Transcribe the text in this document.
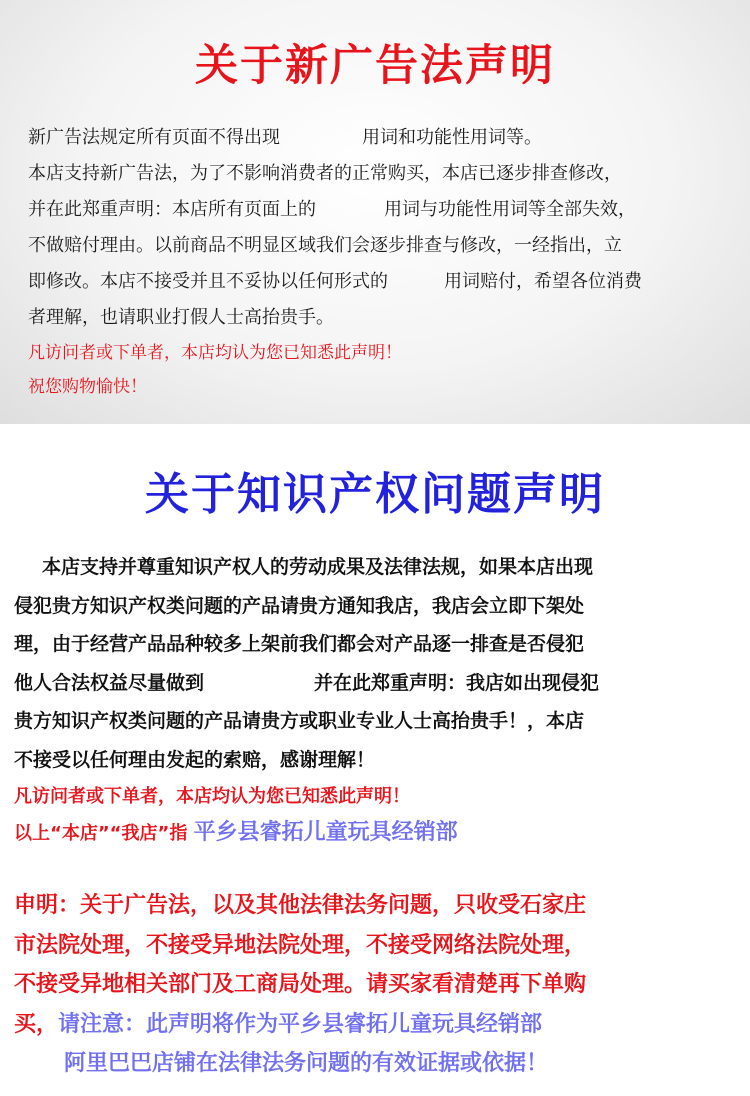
关于新广告法声明
新广告法规定所有页面不得出现	用词和功能性用词等。
本店支持新广告法，为了不影响消费者的正常购买，本店已逐步排查修改，
并在此郑重声明：本店所有页面上的	用词与功能性用词等全部失效，
不做赔付理由。以前商品不明显区域我们会逐步排查与修改，一经指出，立
即修改。本店不接受并且不妥协以任何形式的	用词赔付，希望各位消费
者理解，也请职业打假人士高抬贵手。
凡访问者或下单者，本店均认为您已知悉此声明！
祝您购物愉快！
关于知识产权问题声明
本店支持并尊重知识产权人的劳动成果及法律法规，如果本店出现
侵犯贵方知识产权类问题的产品请贵方通知我店，我店会立即下架处
理，由于经营产品品种较多上架前我们都会对产品逐一排查是否侵犯
他人合法权益尽量做到	并在此郑重声明：我店如出现侵犯
贵方知识产权类问题的产品请贵方或职业专业人士高抬贵手！，本店
不接受以任何理由发起的索赔，感谢理解！
凡访问者或下单者，本店均认为您已知悉此声明！
以上“本店”“我店”指 平乡县睿拓儿童玩具经销部
申明：关于广告法，以及其他法律法务问题，只收受石家庄
市法院处理，不接受异地法院处理，不接受网络法院处理，
不接受异地相关部门及工商局处理。请买家看清楚再下单购
买，请注意：此声明将作为平乡县睿拓儿童玩具经销部
阿里巴巴店铺在法律法务问题的有效证据或依据！
